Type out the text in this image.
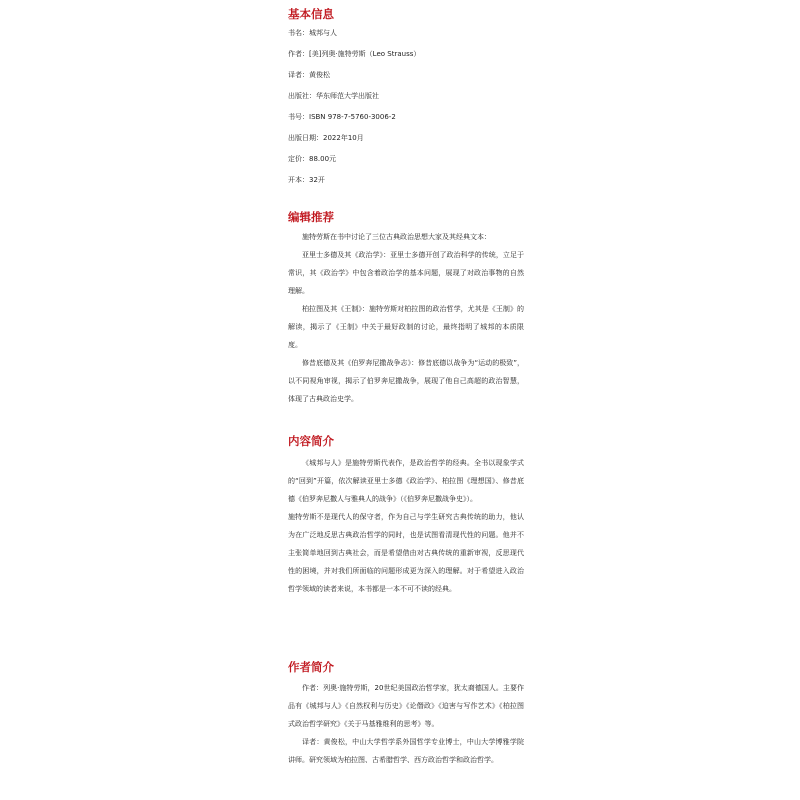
基本信息

书名：城邦与人

作者：[美]列奥·施特劳斯（Leo Strauss）

译者：黄俊松

出版社：华东师范大学出版社

书号：ISBN 978-7-5760-3006-2

出版日期：2022年10月

定价：88.00元

开本：32开

编辑推荐

施特劳斯在书中讨论了三位古典政治思想大家及其经典文本：

亚里士多德及其《政治学》：亚里士多德开创了政治科学的传统，立足于常识，其《政治学》中包含着政治学的基本问题，展现了对政治事物的自然理解。

柏拉图及其《王制》：施特劳斯对柏拉图的政治哲学，尤其是《王制》的解读，揭示了《王制》中关于最好政制的讨论，最终指明了城邦的本质限度。

修昔底德及其《伯罗奔尼撒战争志》：修昔底德以战争为“运动的极致”，以不同视角审视，揭示了伯罗奔尼撒战争，展现了他自己高超的政治智慧，体现了古典政治史学。

内容简介

《城邦与人》是施特劳斯代表作，是政治哲学的经典。全书以现象学式的“回到”开篇，依次解读亚里士多德《政治学》、柏拉图《理想国》、修昔底德《伯罗奔尼撒人与雅典人的战争》（《伯罗奔尼撒战争史》）。

施特劳斯不是现代人的保守者，作为自己与学生研究古典传统的助力，他认为在广泛地反思古典政治哲学的同时，也是试图看清现代性的问题。他并不主张简单地回到古典社会，而是希望借由对古典传统的重新审视，反思现代性的困境，并对我们所面临的问题形成更为深入的理解。对于希望进入政治哲学领域的读者来说，本书都是一本不可不读的经典。

作者简介

作者：列奥·施特劳斯，20世纪美国政治哲学家，犹太裔德国人。主要作品有《城邦与人》《自然权利与历史》《论僭政》《迫害与写作艺术》《柏拉图式政治哲学研究》《关于马基雅维利的思考》等。

译者：黄俊松，中山大学哲学系外国哲学专业博士，中山大学博雅学院讲师。研究领域为柏拉图、古希腊哲学、西方政治哲学和政治哲学。
